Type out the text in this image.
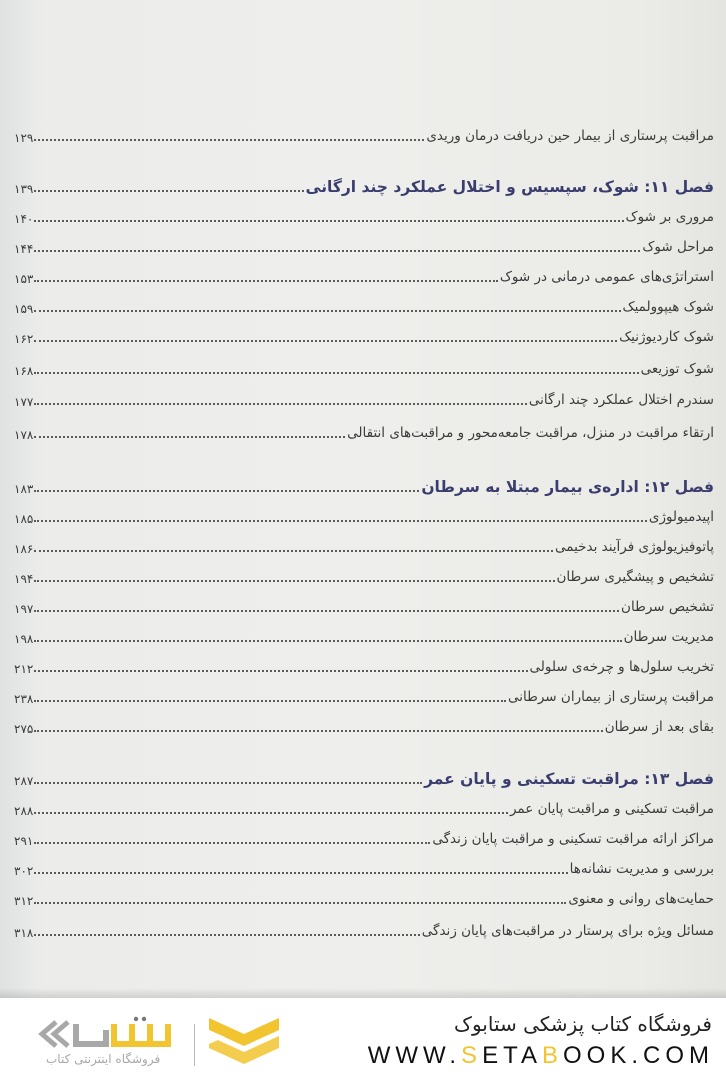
مراقبت پرستاری از بیمار حین دریافت درمان وریدی
۱۲۹
فصل ۱۱: شوک، سپسیس و اختلال عملکرد چند ارگانی
۱۳۹
مروری بر شوک
۱۴۰
مراحل شوک
۱۴۴
استراتژی‌های عمومی درمانی در شوک
۱۵۳
شوک هیپوولمیک
۱۵۹
شوک کاردیوژنیک
۱۶۲
شوک توزیعی
۱۶۸
سندرم اختلال عملکرد چند ارگانی
۱۷۷
ارتقاء مراقبت در منزل، مراقبت جامعه‌محور و مراقبت‌های انتقالی
۱۷۸
فصل ۱۲: اداره‌ی بیمار مبتلا به سرطان
۱۸۳
اپیدمیولوژی
۱۸۵
پاتوفیزیولوژی فرآیند بدخیمی
۱۸۶
تشخیص و پیشگیری سرطان
۱۹۴
تشخیص سرطان
۱۹۷
مدیریت سرطان
۱۹۸
تخریب سلول‌ها و چرخه‌ی سلولی
۲۱۲
مراقبت پرستاری از بیماران سرطانی
۲۳۸
بقای بعد از سرطان
۲۷۵
فصل ۱۳: مراقبت تسکینی و پایان عمر
۲۸۷
مراقبت تسکینی و مراقبت پایان عمر
۲۸۸
مراکز ارائه مراقبت تسکینی و مراقبت پایان زندگی
۲۹۱
بررسی و مدیریت نشانه‌ها
۳۰۲
حمایت‌های روانی و معنوی
۳۱۲
مسائل ویژه برای پرستار در مراقبت‌های پایان زندگی
۳۱۸
فروشگاه اینترنتی کتاب
فروشگاه کتاب پزشکی ستابوک
WWW.SETABOOK.COM
